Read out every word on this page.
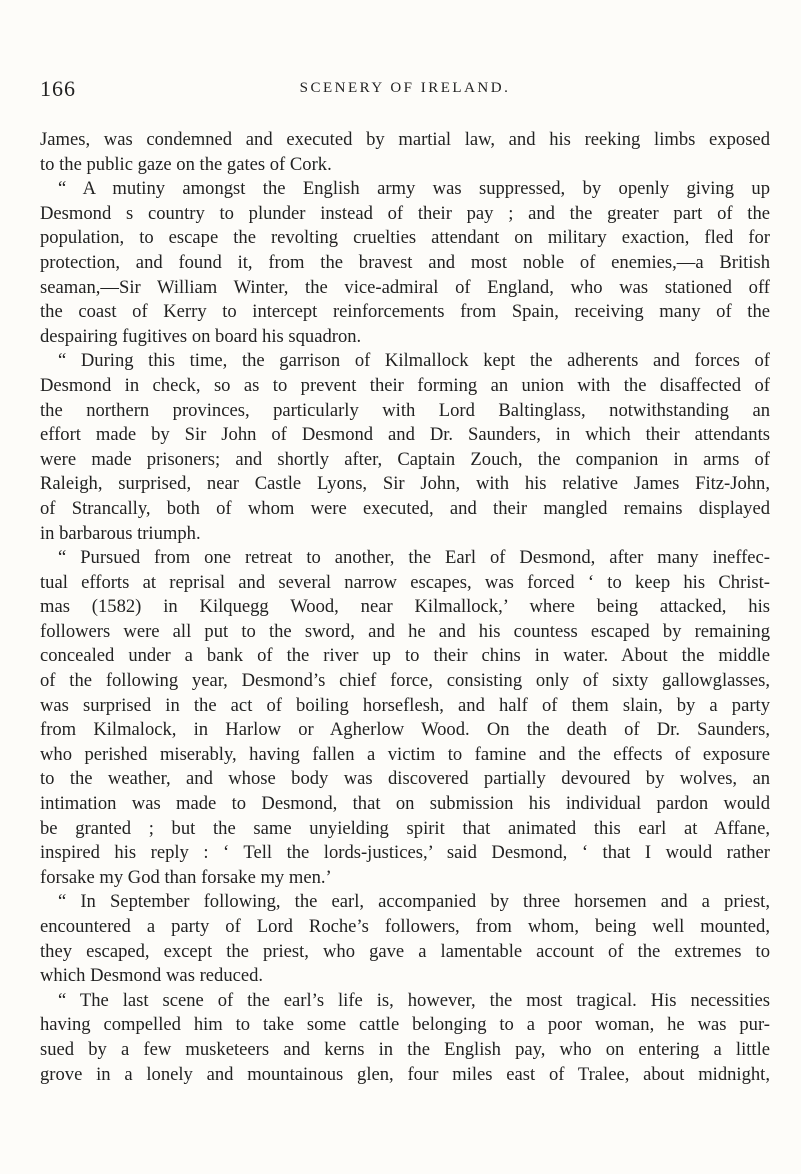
166	SCENERY OF IRELAND.
James, was condemned and executed by martial law, and his reeking limbs exposed
to the public gaze on the gates of Cork.
“ A mutiny amongst the English army was suppressed, by openly giving up
Desmond s country to plunder instead of their pay ; and the greater part of the
population, to escape the revolting cruelties attendant on military exaction, fled for
protection, and found it, from the bravest and most noble of enemies,—a British
seaman,—Sir William Winter, the vice-admiral of England, who was stationed off
the coast of Kerry to intercept reinforcements from Spain, receiving many of the
despairing fugitives on board his squadron.
“ During this time, the garrison of Kilmallock kept the adherents and forces of
Desmond in check, so as to prevent their forming an union with the disaffected of
the northern provinces, particularly with Lord Baltinglass, notwithstanding an
effort made by Sir John of Desmond and Dr. Saunders, in which their attendants
were made prisoners; and shortly after, Captain Zouch, the companion in arms of
Raleigh, surprised, near Castle Lyons, Sir John, with his relative James Fitz-John,
of Strancally, both of whom were executed, and their mangled remains displayed
in barbarous triumph.
“ Pursued from one retreat to another, the Earl of Desmond, after many ineffec-
tual efforts at reprisal and several narrow escapes, was forced ‘ to keep his Christ-
mas (1582) in Kilquegg Wood, near Kilmallock,’ where being attacked, his
followers were all put to the sword, and he and his countess escaped by remaining
concealed under a bank of the river up to their chins in water. About the middle
of the following year, Desmond’s chief force, consisting only of sixty gallowglasses,
was surprised in the act of boiling horseflesh, and half of them slain, by a party
from Kilmalock, in Harlow or Agherlow Wood. On the death of Dr. Saunders,
who perished miserably, having fallen a victim to famine and the effects of exposure
to the weather, and whose body was discovered partially devoured by wolves, an
intimation was made to Desmond, that on submission his individual pardon would
be granted ; but the same unyielding spirit that animated this earl at Affane,
inspired his reply : ‘ Tell the lords-justices,’ said Desmond, ‘ that I would rather
forsake my God than forsake my men.’
“ In September following, the earl, accompanied by three horsemen and a priest,
encountered a party of Lord Roche’s followers, from whom, being well mounted,
they escaped, except the priest, who gave a lamentable account of the extremes to
which Desmond was reduced.
“ The last scene of the earl’s life is, however, the most tragical. His necessities
having compelled him to take some cattle belonging to a poor woman, he was pur-
sued by a few musketeers and kerns in the English pay, who on entering a little
grove in a lonely and mountainous glen, four miles east of Tralee, about midnight,
